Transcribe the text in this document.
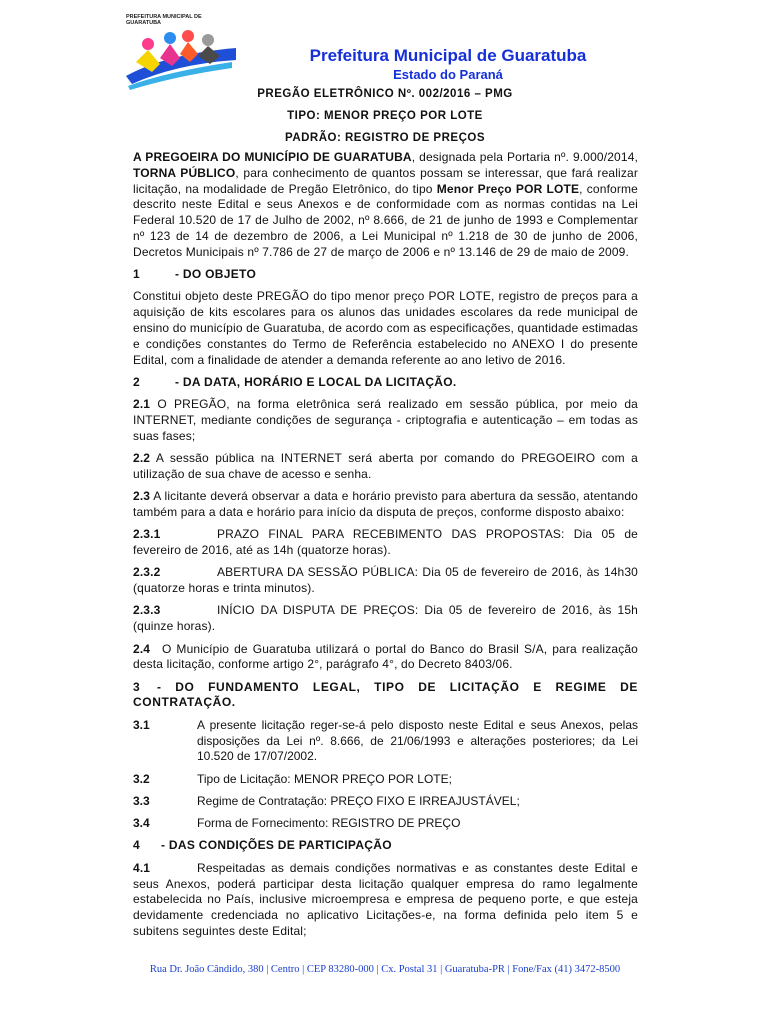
PREFEITURA MUNICIPAL DE GUARATUBA
Prefeitura Municipal de Guaratuba
Estado do Paraná
PREGÃO ELETRÔNICO Nº. 002/2016 – PMG
TIPO: MENOR PREÇO POR LOTE
PADRÃO: REGISTRO DE PREÇOS

A PREGOEIRA DO MUNICÍPIO DE GUARATUBA, designada pela Portaria nº. 9.000/2014, TORNA PÚBLICO, para conhecimento de quantos possam se interessar, que fará realizar licitação, na modalidade de Pregão Eletrônico, do tipo Menor Preço POR LOTE, conforme descrito neste Edital e seus Anexos e de conformidade com as normas contidas na Lei Federal 10.520 de 17 de Julho de 2002, nº 8.666, de 21 de junho de 1993 e Complementar nº 123 de 14 de dezembro de 2006, a Lei Municipal nº 1.218 de 30 de junho de 2006, Decretos Municipais nº 7.786 de 27 de março de 2006 e nº 13.146 de 29 de maio de 2009.

1	- DO OBJETO

Constitui objeto deste PREGÃO do tipo menor preço POR LOTE, registro de preços para a aquisição de kits escolares para os alunos das unidades escolares da rede municipal de ensino do município de Guaratuba, de acordo com as especificações, quantidade estimadas e condições constantes do Termo de Referência estabelecido no ANEXO I do presente Edital, com a finalidade de atender a demanda referente ao ano letivo de 2016.

2	- DA DATA, HORÁRIO E LOCAL DA LICITAÇÃO.

2.1 O PREGÃO, na forma eletrônica será realizado em sessão pública, por meio da INTERNET, mediante condições de segurança - criptografia e autenticação – em todas as suas fases;

2.2 A sessão pública na INTERNET será aberta por comando do PREGOEIRO com a utilização de sua chave de acesso e senha.

2.3 A licitante deverá observar a data e horário previsto para abertura da sessão, atentando também para a data e horário para início da disputa de preços, conforme disposto abaixo:

2.3.1	PRAZO FINAL PARA RECEBIMENTO DAS PROPOSTAS: Dia 05 de fevereiro de 2016, até as 14h (quatorze horas).

2.3.2	ABERTURA DA SESSÃO PÚBLICA: Dia 05 de fevereiro de 2016, às 14h30 (quatorze horas e trinta minutos).

2.3.3	INÍCIO DA DISPUTA DE PREÇOS: Dia 05 de fevereiro de 2016, às 15h (quinze horas).

2.4 O Município de Guaratuba utilizará o portal do Banco do Brasil S/A, para realização desta licitação, conforme artigo 2°, parágrafo 4°, do Decreto 8403/06.

3 - DO FUNDAMENTO LEGAL, TIPO DE LICITAÇÃO E REGIME DE CONTRATAÇÃO.

3.1	A presente licitação reger-se-á pelo disposto neste Edital e seus Anexos, pelas disposições da Lei nº. 8.666, de 21/06/1993 e alterações posteriores; da Lei 10.520 de 17/07/2002.
3.2	Tipo de Licitação: MENOR PREÇO POR LOTE;
3.3	Regime de Contratação: PREÇO FIXO E IRREAJUSTÁVEL;
3.4	Forma de Fornecimento: REGISTRO DE PREÇO
4	- DAS CONDIÇÕES DE PARTICIPAÇÃO

4.1	Respeitadas as demais condições normativas e as constantes deste Edital e seus Anexos, poderá participar desta licitação qualquer empresa do ramo legalmente estabelecida no País, inclusive microempresa e empresa de pequeno porte, e que esteja devidamente credenciada no aplicativo Licitações-e, na forma definida pelo item 5 e subitens seguintes deste Edital;

Rua Dr. João Cândido, 380 | Centro | CEP 83280-000 | Cx. Postal 31 | Guaratuba-PR | Fone/Fax (41) 3472-8500
